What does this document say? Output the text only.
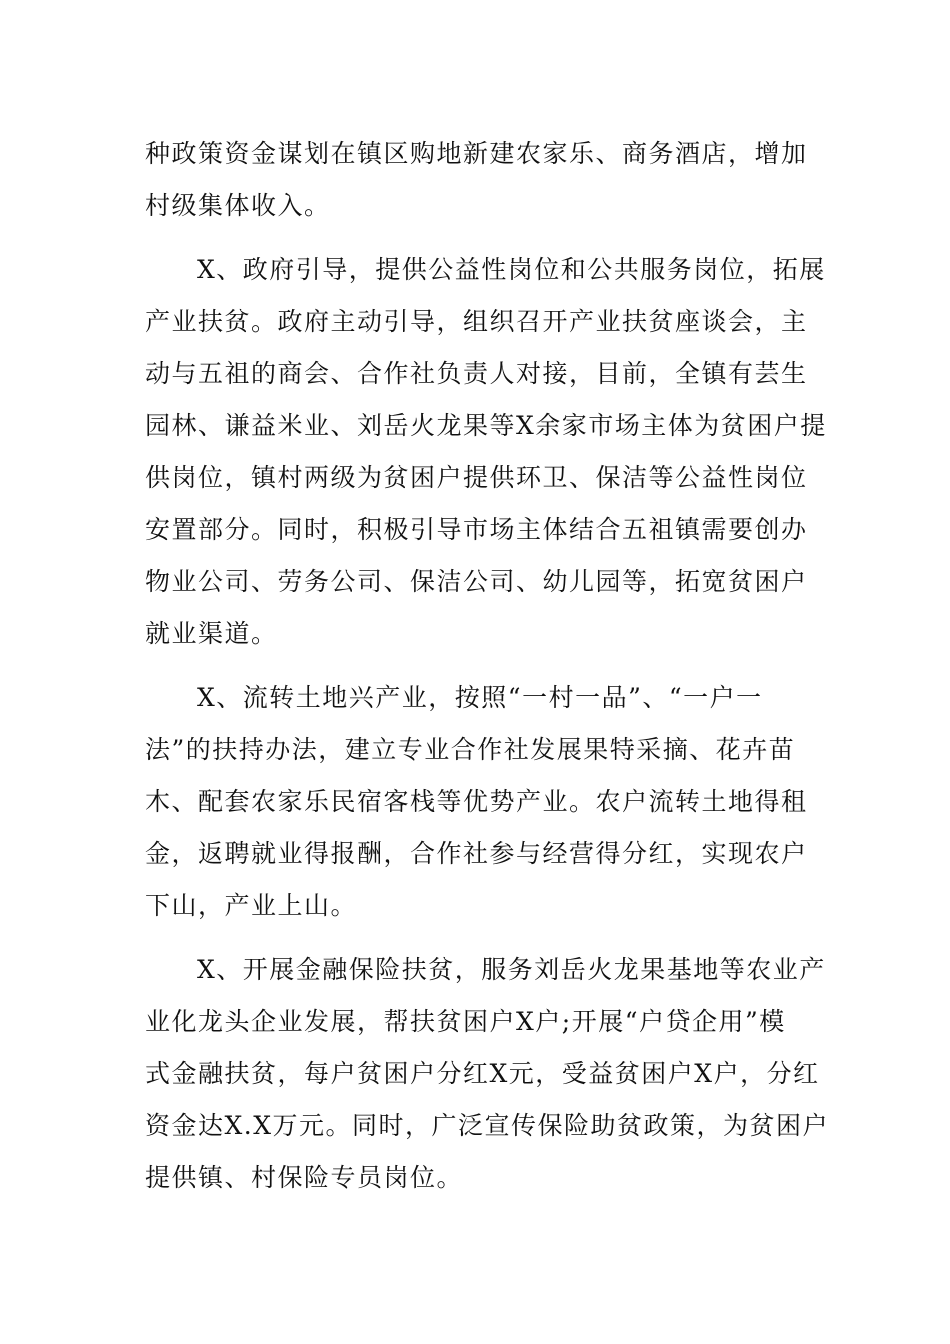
种政策资金谋划在镇区购地新建农家乐、商务酒店，增加
村级集体收入。
X、政府引导，提供公益性岗位和公共服务岗位，拓展
产业扶贫。政府主动引导，组织召开产业扶贫座谈会，主
动与五祖的商会、合作社负责人对接，目前，全镇有芸生
园林、谦益米业、刘岳火龙果等X余家市场主体为贫困户提
供岗位，镇村两级为贫困户提供环卫、保洁等公益性岗位
安置部分。同时，积极引导市场主体结合五祖镇需要创办
物业公司、劳务公司、保洁公司、幼儿园等，拓宽贫困户
就业渠道。
X、流转土地兴产业，按照“一村一品”、“一户一
法”的扶持办法，建立专业合作社发展果特采摘、花卉苗
木、配套农家乐民宿客栈等优势产业。农户流转土地得租
金，返聘就业得报酬，合作社参与经营得分红，实现农户
下山，产业上山。
X、开展金融保险扶贫，服务刘岳火龙果基地等农业产
业化龙头企业发展，帮扶贫困户X户;开展“户贷企用”模
式金融扶贫，每户贫困户分红X元，受益贫困户X户，分红
资金达X.X万元。同时，广泛宣传保险助贫政策，为贫困户
提供镇、村保险专员岗位。
